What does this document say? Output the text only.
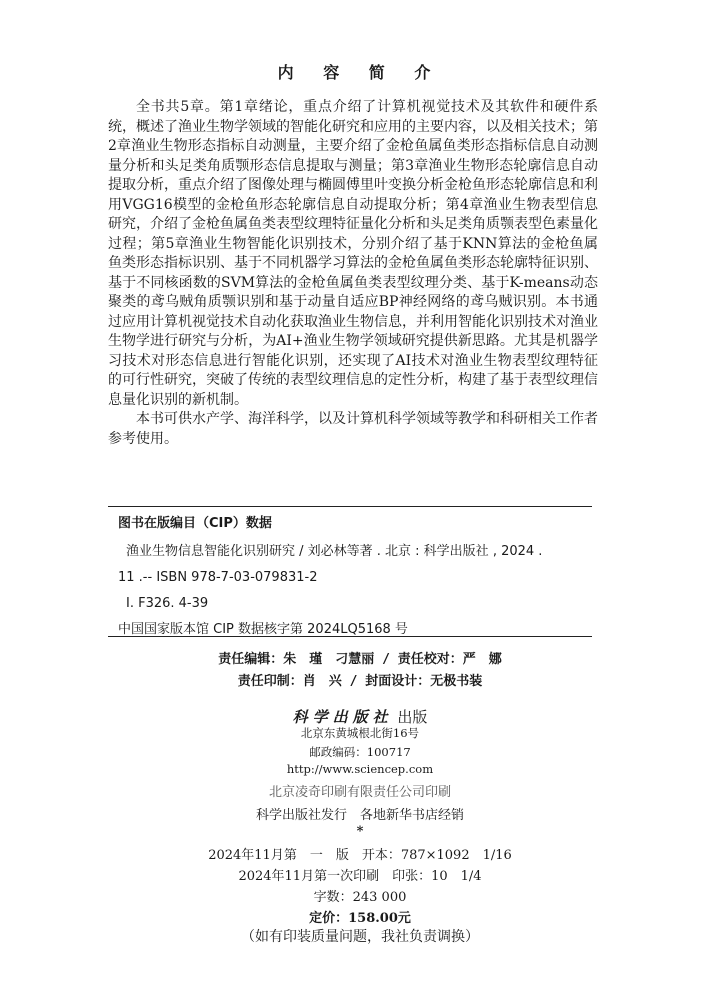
内 容 简 介

全书共5章。第1章绪论，重点介绍了计算机视觉技术及其软件和硬件系统，概述了渔业生物学领域的智能化研究和应用的主要内容，以及相关技术；第2章渔业生物形态指标自动测量，主要介绍了金枪鱼属鱼类形态指标信息自动测量分析和头足类角质颚形态信息提取与测量；第3章渔业生物形态轮廓信息自动提取分析，重点介绍了图像处理与椭圆傅里叶变换分析金枪鱼形态轮廓信息和利用VGG16模型的金枪鱼形态轮廓信息自动提取分析；第4章渔业生物表型信息研究，介绍了金枪鱼属鱼类表型纹理特征量化分析和头足类角质颚表型色素量化过程；第5章渔业生物智能化识别技术，分别介绍了基于KNN算法的金枪鱼属鱼类形态指标识别、基于不同机器学习算法的金枪鱼属鱼类形态轮廓特征识别、基于不同核函数的SVM算法的金枪鱼属鱼类表型纹理分类、基于K-means动态聚类的鸢乌贼角质颚识别和基于动量自适应BP神经网络的鸢乌贼识别。本书通过应用计算机视觉技术自动化获取渔业生物信息，并利用智能化识别技术对渔业生物学进行研究与分析，为AI+渔业生物学领域研究提供新思路。尤其是机器学习技术对形态信息进行智能化识别，还实现了AI技术对渔业生物表型纹理特征的可行性研究，突破了传统的表型纹理信息的定性分析，构建了基于表型纹理信息量化识别的新机制。

本书可供水产学、海洋科学，以及计算机科学领域等教学和科研相关工作者参考使用。

图书在版编目（CIP）数据

渔业生物信息智能化识别研究 / 刘必林等著 . 北京 : 科学出版社 , 2024 .

11 .-- ISBN 978-7-03-079831-2

Ⅰ. F326. 4-39

中国国家版本馆 CIP 数据核字第 2024LQ5168 号

责任编辑：朱　瑾　刁慧丽 / 责任校对：严　娜
责任印制：肖　兴 / 封面设计：无极书装
科学出版社 出版
北京东黄城根北街16号
邮政编码：100717
http://www.sciencep.com
北京凌奇印刷有限责任公司印刷
科学出版社发行　各地新华书店经销
*
2024年11月第　一　版　开本：787×1092　1/16
2024年11月第一次印刷　印张：10　1/4
字数：243 000
定价：158.00元
（如有印装质量问题，我社负责调换）
